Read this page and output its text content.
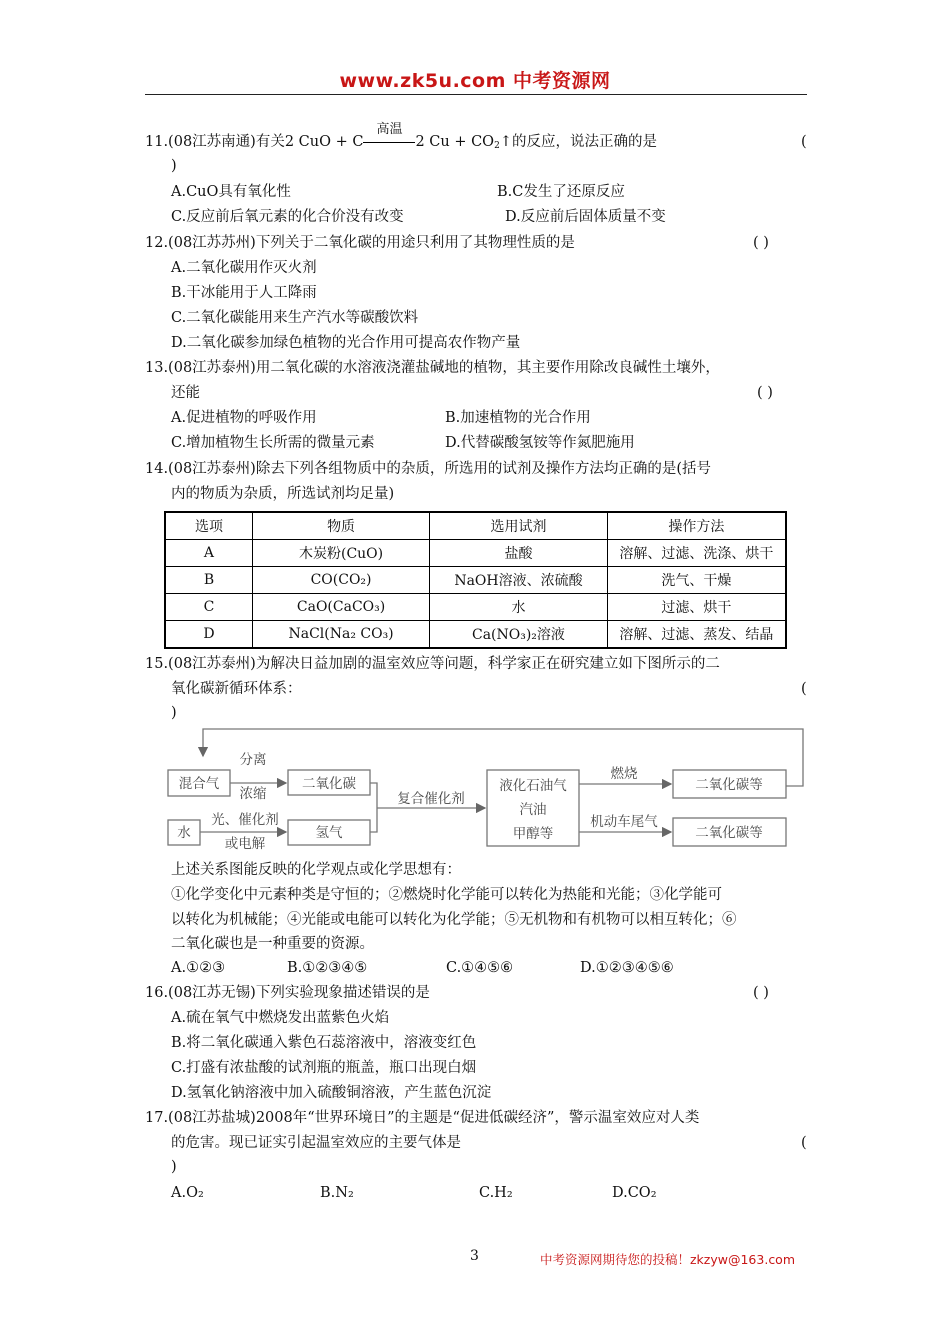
www.zk5u.com 中考资源网
11.(08江苏南通)有关2 CuO + C
高温
2 $Cu + CO_2↑$的反应，说法正确的是	(
)
A.CuO具有氧化性	B.C发生了还原反应
C.反应前后氧元素的化合价没有改变	D.反应前后固体质量不变
12.(08江苏苏州)下列关于二氧化碳的用途只利用了其物理性质的是	( )
A.二氧化碳用作灭火剂
B.干冰能用于人工降雨
C.二氧化碳能用来生产汽水等碳酸饮料
D.二氧化碳参加绿色植物的光合作用可提高农作物产量
13.(08江苏泰州)用二氧化碳的水溶液浇灌盐碱地的植物，其主要作用除改良碱性土壤外，
还能	( )
A.促进植物的呼吸作用	B.加速植物的光合作用
C.增加植物生长所需的微量元素	D.代替碳酸氢铵等作氮肥施用
14.(08江苏泰州)除去下列各组物质中的杂质，所选用的试剂及操作方法均正确的是(括号
内的物质为杂质，所选试剂均足量)
选项	物质	选用试剂	操作方法
A	木炭粉(CuO)	盐酸	溶解、过滤、洗涤、烘干
B	CO(CO₂)	NaOH溶液、浓硫酸	洗气、干燥
C	CaO(CaCO₃)	水	过滤、烘干
D	NaCl(Na₂ CO₃)	Ca(NO₃)₂溶液	溶解、过滤、蒸发、结晶
15.(08江苏泰州)为解决日益加剧的温室效应等问题，科学家正在研究建立如下图所示的二
氧化碳新循环体系：	(
)
混合气
水
分离
浓缩
二氧化碳
氢气
光、催化剂
或电解
复合催化剂
液化石油气
汽油
甲醇等
燃烧
机动车尾气
二氧化碳等
二氧化碳等
上述关系图能反映的化学观点或化学思想有：
①化学变化中元素种类是守恒的；②燃烧时化学能可以转化为热能和光能；③化学能可
以转化为机械能；④光能或电能可以转化为化学能；⑤无机物和有机物可以相互转化；⑥
二氧化碳也是一种重要的资源。
A.①②③	B.①②③④⑤	C.①④⑤⑥	D.①②③④⑤⑥
16.(08江苏无锡)下列实验现象描述错误的是	( )
A.硫在氧气中燃烧发出蓝紫色火焰
B.将二氧化碳通入紫色石蕊溶液中，溶液变红色
C.打盛有浓盐酸的试剂瓶的瓶盖，瓶口出现白烟
D.氢氧化钠溶液中加入硫酸铜溶液，产生蓝色沉淀
17.(08江苏盐城)2008年“世界环境日”的主题是“促进低碳经济”，警示温室效应对人类
的危害。现已证实引起温室效应的主要气体是	(
)
A.O₂	B.N₂	C.H₂	D.CO₂
3	中考资源网期待您的投稿！zkzyw@163.com
